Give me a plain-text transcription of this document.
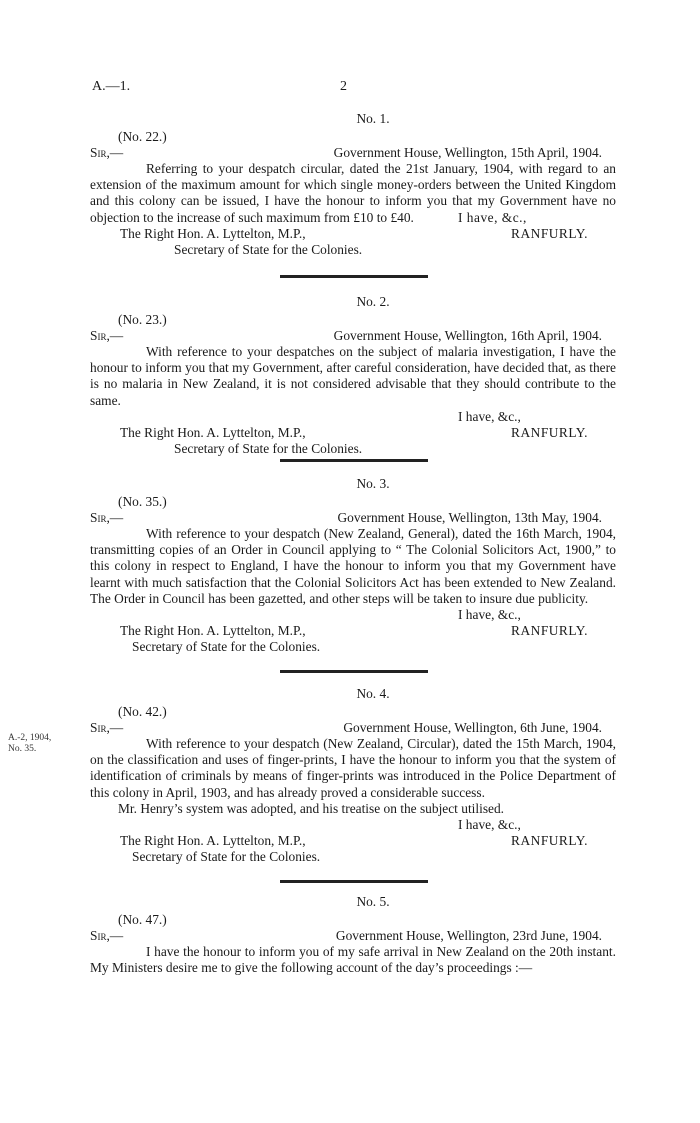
A.—1.	2
No. 1.
(No. 22.)
Sir,—	Government House, Wellington, 15th April, 1904.

Referring to your despatch circular, dated the 21st January, 1904, with regard to an extension of the maximum amount for which single money-orders between the United Kingdom and this colony can be issued, I have the honour to inform you that my Government have no objection to the increase of such maximum from £10 to £40.	I have, &c.,
The Right Hon. A. Lyttelton, M.P.,	RANFURLY.
Secretary of State for the Colonies.
No. 2.
(No. 23.)
Sir,—	Government House, Wellington, 16th April, 1904.

With reference to your despatches on the subject of malaria investigation, I have the honour to inform you that my Government, after careful consideration, have decided that, as there is no malaria in New Zealand, it is not considered advisable that they should contribute to the same.

I have, &c.,
The Right Hon. A. Lyttelton, M.P.,	RANFURLY.
Secretary of State for the Colonies.
No. 3.
(No. 35.)
Sir,—	Government House, Wellington, 13th May, 1904.

With reference to your despatch (New Zealand, General), dated the 16th March, 1904, transmitting copies of an Order in Council applying to “ The Colonial Solicitors Act, 1900,” to this colony in respect to England, I have the honour to inform you that my Government have learnt with much satisfaction that the Colonial Solicitors Act has been extended to New Zealand. The Order in Council has been gazetted, and other steps will be taken to insure due publicity.

I have, &c.,
The Right Hon. A. Lyttelton, M.P.,	RANFURLY.
Secretary of State for the Colonies.
A.-2, 1904,
No. 35.
No. 4.
(No. 42.)
Sir,—	Government House, Wellington, 6th June, 1904.

With reference to your despatch (New Zealand, Circular), dated the 15th March, 1904, on the classification and uses of finger-prints, I have the honour to inform you that the system of identification of criminals by means of finger-prints was introduced in the Police Department of this colony in April, 1903, and has already proved a considerable success.

Mr. Henry’s system was adopted, and his treatise on the subject utilised.

I have, &c.,
The Right Hon. A. Lyttelton, M.P.,	RANFURLY.
Secretary of State for the Colonies.
No. 5.
(No. 47.)
Sir,—	Government House, Wellington, 23rd June, 1904.

I have the honour to inform you of my safe arrival in New Zealand on the 20th instant. My Ministers desire me to give the following account of the day’s proceedings :—
